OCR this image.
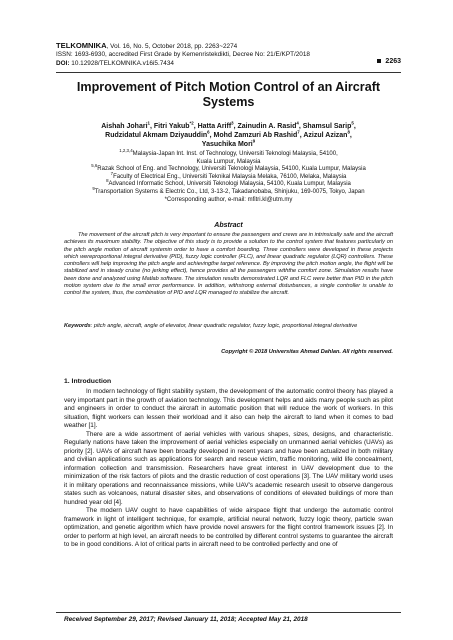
TELKOMNIKA, Vol. 16, No. 5, October 2018, pp. 2263~2274
ISSN: 1693-6930, accredited First Grade by Kemenristekdikti, Decree No: 21/E/KPT/2018
DOI: 10.12928/TELKOMNIKA.v16i5.7434	2263
Improvement of Pitch Motion Control of an Aircraft
Systems
Aishah Johari$^1$, Fitri Yakub$^{*2}$, Hatta Ariff$^3$, Zainudin A. Rasid$^4$, Shamsul Sarip$^5$,
Rudzidatul Akmam Dziyauddin$^6$, Mohd Zamzuri Ab Rashid$^7$, Azizul Azizan$^8$,
Yasuchika Mori$^9$
$^{1,2,3,4}$Malaysia-Japan Int. Inst. of Technology, Universiti Teknologi Malaysia, 54100,
Kuala Lumpur, Malaysia
$^{5,6}$Razak School of Eng. and Technology, Universiti Teknologi Malaysia, 54100, Kuala Lumpur, Malaysia
$^7$Faculty of Electrical Eng., Universiti Teknikal Malaysia Melaka, 76100, Melaka, Malaysia
$^8$Advanced Informatic School, Universiti Teknologi Malaysia, 54100, Kuala Lumpur, Malaysia
$^9$Transportation Systems & Electric Co., Ltd, 3-13-2, Takadanobaba, Shinjuku, 169-0075, Tokyo, Japan
*Corresponding author, e-mail: mfitri.kl@utm.my
Abstract
The movement of the aircraft pitch is very important to ensure the passengers and crews are in intrinsically safe and the aircraft achieves its maximum stability. The objective of this study is to provide a solution to the control system that features particularly on the pitch angle motion of aircraft systemin order to have a comfort boarding. Three controllers were developed in these projects which wereproportional integral derivative (PID), fuzzy logic controller (FLC), and linear quadratic regulator (LQR) controllers. These controllers will help improving the pitch angle and achievingthe target reference. By improving the pitch motion angle, the flight will be stabilized and in steady cruise (no jerking effect), hence provides all the passengers withthe comfort zone. Simulation results have been done and analyzed using Matlab software. The simulation results demonstrated LQR and FLC were better than PID in the pitch motion system due to the small error performance. In addition, withstrong external disturbances, a single controller is unable to control the system, thus, the combination of PID and LQR managed to stabilize the aircraft.
Keywords: pitch angle, aircraft, angle of elevator, linear quadratic regulator, fuzzy logic, proportional integral derivative
Copyright © 2018 Universitas Ahmad Dahlan. All rights reserved.
1. Introduction

In modern technology of flight stability system, the development of the automatic control theory has played a very important part in the growth of aviation technology. This development helps and aids many people such as pilot and engineers in order to conduct the aircraft in automatic position that will reduce the work of workers. In this situation, flight workers can lessen their workload and it also can help the aircraft to land when it comes to bad weather [1].

There are a wide assortment of aerial vehicles with various shapes, sizes, designs, and characteristic. Regularly nations have taken the improvement of aerial vehicles especially on unmanned aerial vehicles (UAVs) as priority [2]. UAVs of aircraft have been broadly developed in recent years and have been actualized in both military and civilian applications such as applications for search and rescue victim, traffic monitoring, wild life concealment, information collection and transmission. Researchers have great interest in UAV development due to the minimization of the risk factors of pilots and the drastic reduction of cost operations [3]. The UAV military world uses it in military operations and reconnaissance missions, while UAV's academic research usesit to observe dangerous states such as volcanoes, natural disaster sites, and observations of conditions of elevated buildings of more than hundred year old [4].

The modern UAV ought to have capabilities of wide airspace flight that undergo the automatic control framework in light of intelligent technique, for example, artificial neural network, fuzzy logic theory, particle swan optimization, and genetic algorithm which have provide novel answers for the flight control framework issues [2]. In order to perform at high level, an aircraft needs to be controlled by different control systems to guarantee the aircraft to be in good conditions. A lot of critical parts in aircraft need to be controlled perfectly and one of

Received September 29, 2017; Revised January 11, 2018; Accepted May 21, 2018
